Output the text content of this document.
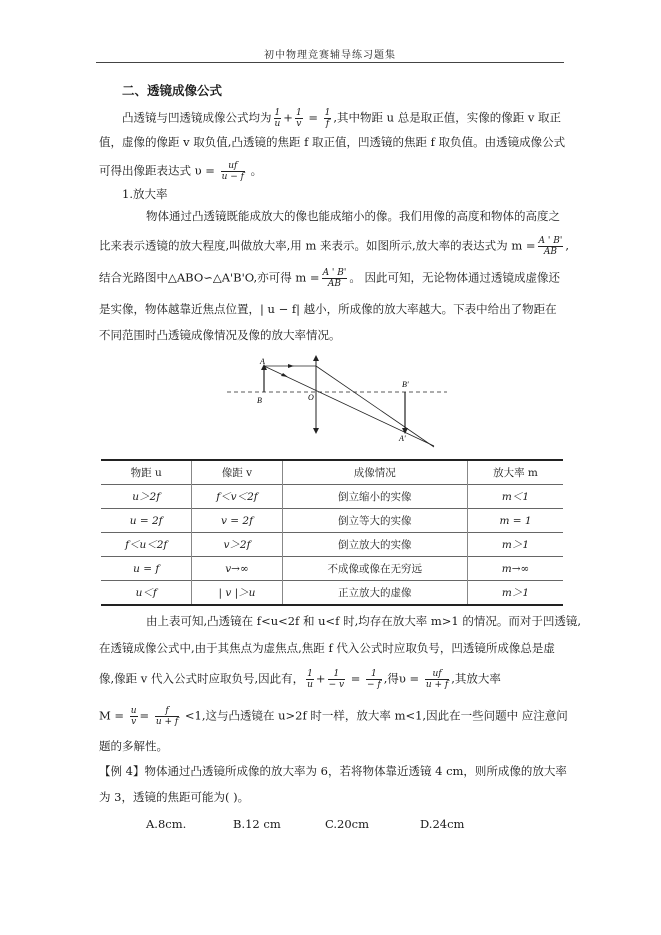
初中物理竞赛辅导练习题集
二、透镜成像公式
凸透镜与凹透镜成像公式均为 $\frac{1}{u} + \frac{1}{v} = \frac{1}{f}$ ,其中物距 u 总是取正值，实像的像距 v 取正
值，虚像的像距 v 取负值,凸透镜的焦距 f 取正值，凹透镜的焦距 f 取负值。由透镜成像公式
可得出像距表达式 $\upsilon = \frac{uf}{u - f}$ 。
1.放大率
物体通过凸透镜既能成放大的像也能成缩小的像。我们用像的高度和物体的高度之
比来表示透镜的放大程度,叫做放大率,用 m 来表示。如图所示,放大率的表达式为 $m = \frac{A ' B'}{AB}$ ,
结合光路图中△ABO∽△A'B'O,亦可得 $m = \frac{A ' B'}{AB}$ 。 因此可知，无论物体通过透镜成虚像还
是实像，物体越靠近焦点位置，| u − f| 越小，所成像的放大率越大。下表中给出了物距在
不同范围时凸透镜成像情况及像的放大率情况。
A
B	O
A'
B'
物距 u	像距 v	成像情况	放大率 m
u＞2f	f＜v＜2f	倒立缩小的实像	m＜1
u = 2f	v = 2f	倒立等大的实像	m = 1
f＜u＜2f	v＞2f	倒立放大的实像	m＞1
u = f	v→∞	不成像或像在无穷远	m→∞
u＜f	| v |＞u	正立放大的虚像	m＞1
由上表可知,凸透镜在 f<u<2f 和 u<f 时,均存在放大率 m>1 的情况。而对于凹透镜,
在透镜成像公式中,由于其焦点为虚焦点,焦距 f 代入公式时应取负号，凹透镜所成像总是虚
像,像距 v 代入公式时应取负号,因此有， $\frac{1}{u} + \frac{1}{- v} = \frac{1}{- f}$ ,得$\upsilon = \frac{uf}{u + f}$ ,其放大率
$M = \frac{u}{v} = \frac{f}{u + f} <1$,这与凸透镜在 u>2f 时一样，放大率 m<1,因此在一些问题中 应注意问
题的多解性。
【例 4】物体通过凸透镜所成像的放大率为 6，若将物体靠近透镜 4 cm，则所成像的放大率
为 3，透镜的焦距可能为( )。
A.8cm.	B.12 cm	C.20cm	D.24cm
